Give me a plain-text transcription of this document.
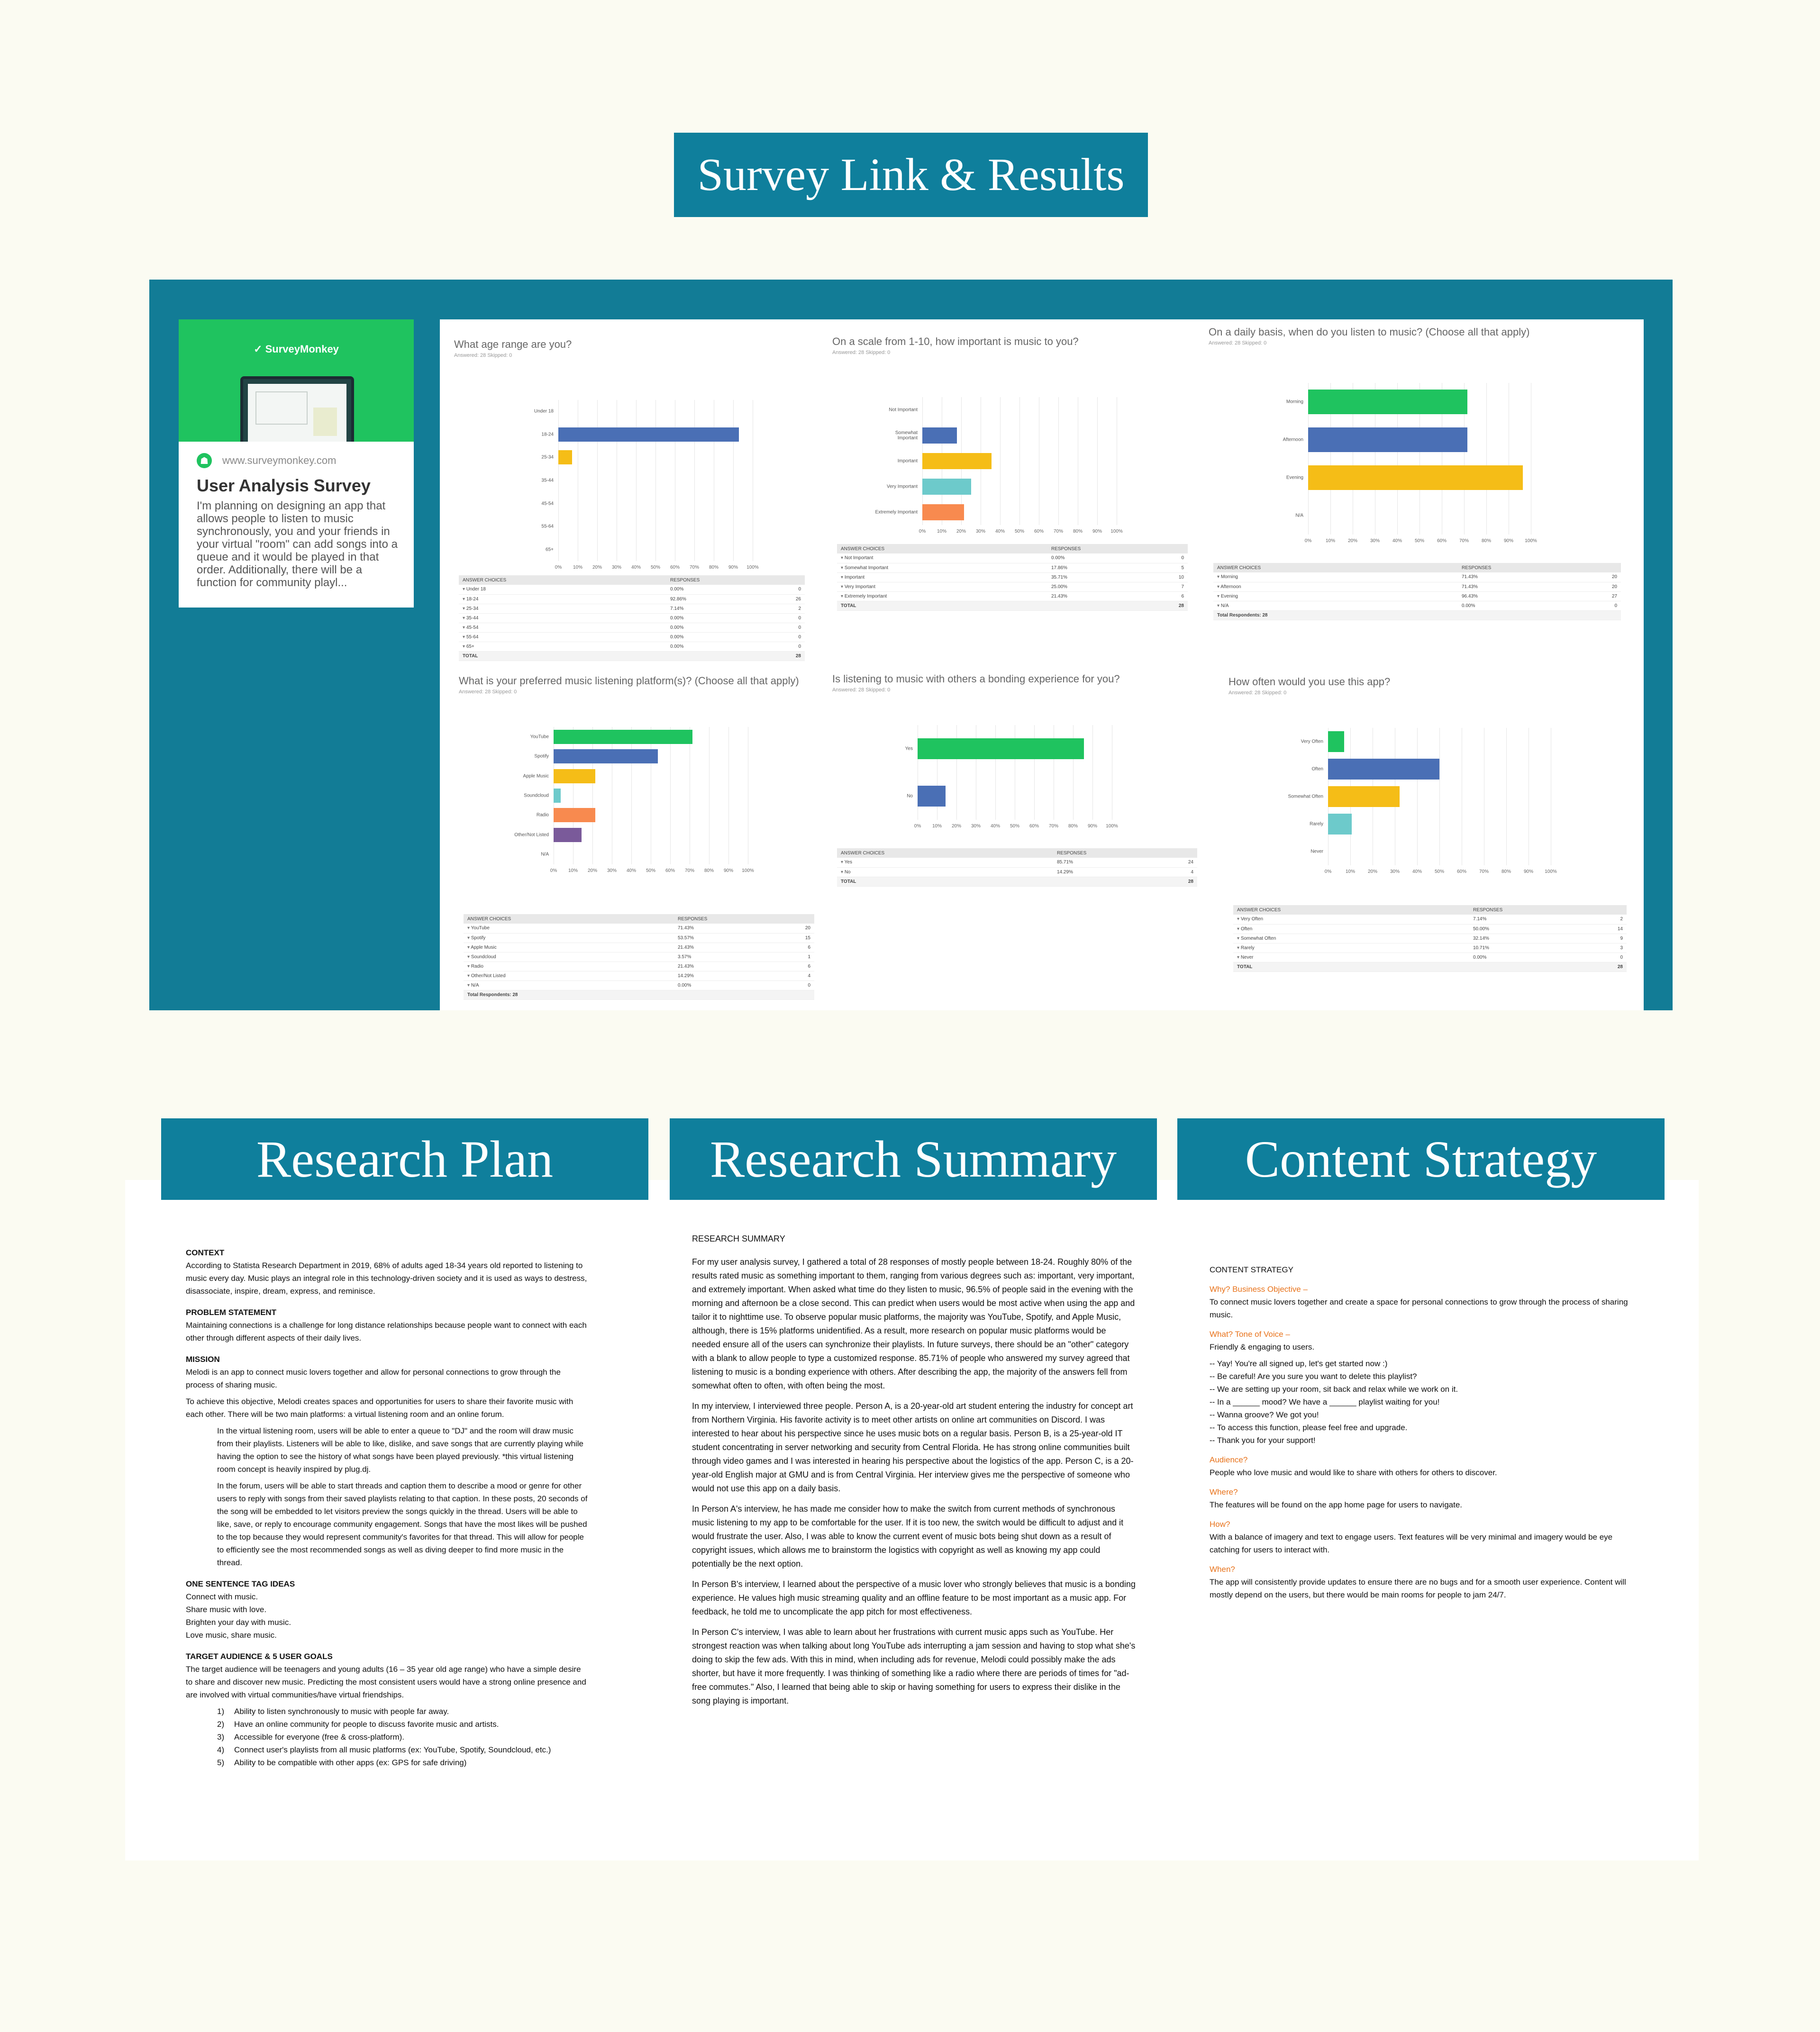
Survey Link & Results
✓ SurveyMonkey
☗	www.surveymonkey.com
User Analysis Survey
I'm planning on designing an app that allows people to listen to music synchronously, you and your friends in your virtual "room" can add songs into a queue and it would be played in that order. Additionally, there will be a function for community playl...
What age range are you?
Answered: 28 Skipped: 0
0% 10% 20% 30% 40% 50% 60% 70% 80% 90% 100%
Under 18
18-24
25-34
35-44
45-54
55-64
65+
ANSWER CHOICES	RESPONSES	
▾ Under 18	0.00%	0
▾ 18-24	92.86%	26
▾ 25-34	7.14%	2
▾ 35-44	0.00%	0
▾ 45-54	0.00%	0
▾ 55-64	0.00%	0
▾ 65+	0.00%	0
TOTAL		28
On a scale from 1-10, how important is music to you?
Answered: 28 Skipped: 0
0% 10% 20% 30% 40% 50% 60% 70% 80% 90% 100%
Not Important
Somewhat Important
Important
Very Important
Extremely Important
ANSWER CHOICES	RESPONSES	
▾ Not Important	0.00%	0
▾ Somewhat Important	17.86%	5
▾ Important	35.71%	10
▾ Very Important	25.00%	7
▾ Extremely Important	21.43%	6
TOTAL		28
On a daily basis, when do you listen to music? (Choose all that apply)
Answered: 28 Skipped: 0
0%	10%	20%	30%	40%	50%	60%	70%	80%	90% 100%
Morning
Afternoon
Evening
N/A
ANSWER CHOICES	RESPONSES	
▾ Morning	71.43%	20
▾ Afternoon	71.43%	20
▾ Evening	96.43%	27
▾ N/A	0.00%	0
Total Respondents: 28		
What is your preferred music listening platform(s)? (Choose all that apply)
Answered: 28 Skipped: 0
0% 10% 20% 30% 40% 50% 60% 70% 80% 90% 100%
YouTube
Spotify
Apple Music
Soundcloud
Radio
Other/Not Listed
N/A
ANSWER CHOICES	RESPONSES	
▾ YouTube	71.43%	20
▾ Spotify	53.57%	15
▾ Apple Music	21.43%	6
▾ Soundcloud	3.57%	1
▾ Radio	21.43%	6
▾ Other/Not Listed	14.29%	4
▾ N/A	0.00%	0
Total Respondents: 28		
Is listening to music with others a bonding experience for you?
Answered: 28 Skipped: 0
0% 10% 20% 30% 40% 50% 60% 70% 80% 90% 100%
Yes
No
ANSWER CHOICES	RESPONSES	
▾ Yes	85.71%	24
▾ No	14.29%	4
TOTAL		28
How often would you use this app?
Answered: 28 Skipped: 0
0%	10%	20%	30%	40%	50%	60%	70%	80%	90% 100%
Very Often
Often
Somewhat Often
Rarely
Never
ANSWER CHOICES	RESPONSES	
▾ Very Often	7.14%	2
▾ Often	50.00%	14
▾ Somewhat Often	32.14%	9
▾ Rarely	10.71%	3
▾ Never	0.00%	0
TOTAL		28
Research Plan	Research Summary Content Strategy
CONTEXT

According to Statista Research Department in 2019, 68% of adults aged 18-34 years old reported to listening to music every day. Music plays an integral role in this technology-driven society and it is used as ways to destress, disassociate, inspire, dream, express, and reminisce.

PROBLEM STATEMENT

Maintaining connections is a challenge for long distance relationships because people want to connect with each other through different aspects of their daily lives.

MISSION

Melodi is an app to connect music lovers together and allow for personal connections to grow through the process of sharing music.

To achieve this objective, Melodi creates spaces and opportunities for users to share their favorite music with each other. There will be two main platforms: a virtual listening room and an online forum.

In the virtual listening room, users will be able to enter a queue to "DJ" and the room will draw music from their playlists. Listeners will be able to like, dislike, and save songs that are currently playing while having the option to see the history of what songs have been played previously. *this virtual listening room concept is heavily inspired by plug.dj.

In the forum, users will be able to start threads and caption them to describe a mood or genre for other users to reply with songs from their saved playlists relating to that caption. In these posts, 20 seconds of the song will be embedded to let visitors preview the songs quickly in the thread. Users will be able to like, save, or reply to encourage community engagement. Songs that have the most likes will be pushed to the top because they would represent community's favorites for that thread. This will allow for people to efficiently see the most recommended songs as well as diving deeper to find more music in the thread.

ONE SENTENCE TAG IDEAS
Connect with music.
Share music with love.
Brighten your day with music.
Love music, share music.
TARGET AUDIENCE & 5 USER GOALS

The target audience will be teenagers and young adults (16 – 35 year old age range) who have a simple desire to share and discover new music. Predicting the most consistent users would have a strong online presence and are involved with virtual communities/have virtual friendships.

1) Ability to listen synchronously to music with people far away.
2) Have an online community for people to discuss favorite music and artists.
3) Accessible for everyone (free & cross-platform).
4) Connect user's playlists from all music platforms (ex: YouTube, Spotify, Soundcloud, etc.)
5) Ability to be compatible with other apps (ex: GPS for safe driving)

RESEARCH SUMMARY

For my user analysis survey, I gathered a total of 28 responses of mostly people between 18-24. Roughly 80% of the results rated music as something important to them, ranging from various degrees such as: important, very important, and extremely important. When asked what time do they listen to music, 96.5% of people said in the evening with the morning and afternoon be a close second. This can predict when users would be most active when using the app and tailor it to nighttime use. To observe popular music platforms, the majority was YouTube, Spotify, and Apple Music, although, there is 15% platforms unidentified. As a result, more research on popular music platforms would be needed ensure all of the users can synchronize their playlists. In future surveys, there should be an "other" category with a blank to allow people to type a customized response. 85.71% of people who answered my survey agreed that listening to music is a bonding experience with others. After describing the app, the majority of the answers fell from somewhat often to often, with often being the most.

In my interview, I interviewed three people. Person A, is a 20-year-old art student entering the industry for concept art from Northern Virginia. His favorite activity is to meet other artists on online art communities on Discord. I was interested to hear about his perspective since he uses music bots on a regular basis. Person B, is a 25-year-old IT student concentrating in server networking and security from Central Florida. He has strong online communities built through video games and I was interested in hearing his perspective about the logistics of the app. Person C, is a 20-year-old English major at GMU and is from Central Virginia. Her interview gives me the perspective of someone who would not use this app on a daily basis.

In Person A's interview, he has made me consider how to make the switch from current methods of synchronous music listening to my app to be comfortable for the user. If it is too new, the switch would be difficult to adjust and it would frustrate the user. Also, I was able to know the current event of music bots being shut down as a result of copyright issues, which allows me to brainstorm the logistics with copyright as well as knowing my app could potentially be the next option.

In Person B's interview, I learned about the perspective of a music lover who strongly believes that music is a bonding experience. He values high music streaming quality and an offline feature to be most important as a music app. For feedback, he told me to uncomplicate the app pitch for most effectiveness.

In Person C's interview, I was able to learn about her frustrations with current music apps such as YouTube. Her strongest reaction was when talking about long YouTube ads interrupting a jam session and having to stop what she's doing to skip the few ads. With this in mind, when including ads for revenue, Melodi could possibly make the ads shorter, but have it more frequently. I was thinking of something like a radio where there are periods of times for "ad-free commutes." Also, I learned that being able to skip or having something for users to express their dislike in the song playing is important.

CONTENT STRATEGY
Why? Business Objective –

To connect music lovers together and create a space for personal connections to grow through the process of sharing music.

What? Tone of Voice –

Friendly & engaging to users.

-- Yay! You're all signed up, let's get started now :)
-- Be careful! Are you sure you want to delete this playlist?
-- We are setting up your room, sit back and relax while we work on it.
-- In a ______ mood? We have a ______ playlist waiting for you!
-- Wanna groove? We got you!
-- To access this function, please feel free and upgrade.
-- Thank you for your support!
Audience?

People who love music and would like to share with others for others to discover.

Where?

The features will be found on the app home page for users to navigate.

How?

With a balance of imagery and text to engage users. Text features will be very minimal and imagery would be eye catching for users to interact with.

When?

The app will consistently provide updates to ensure there are no bugs and for a smooth user experience. Content will mostly depend on the users, but there would be main rooms for people to jam 24/7.
